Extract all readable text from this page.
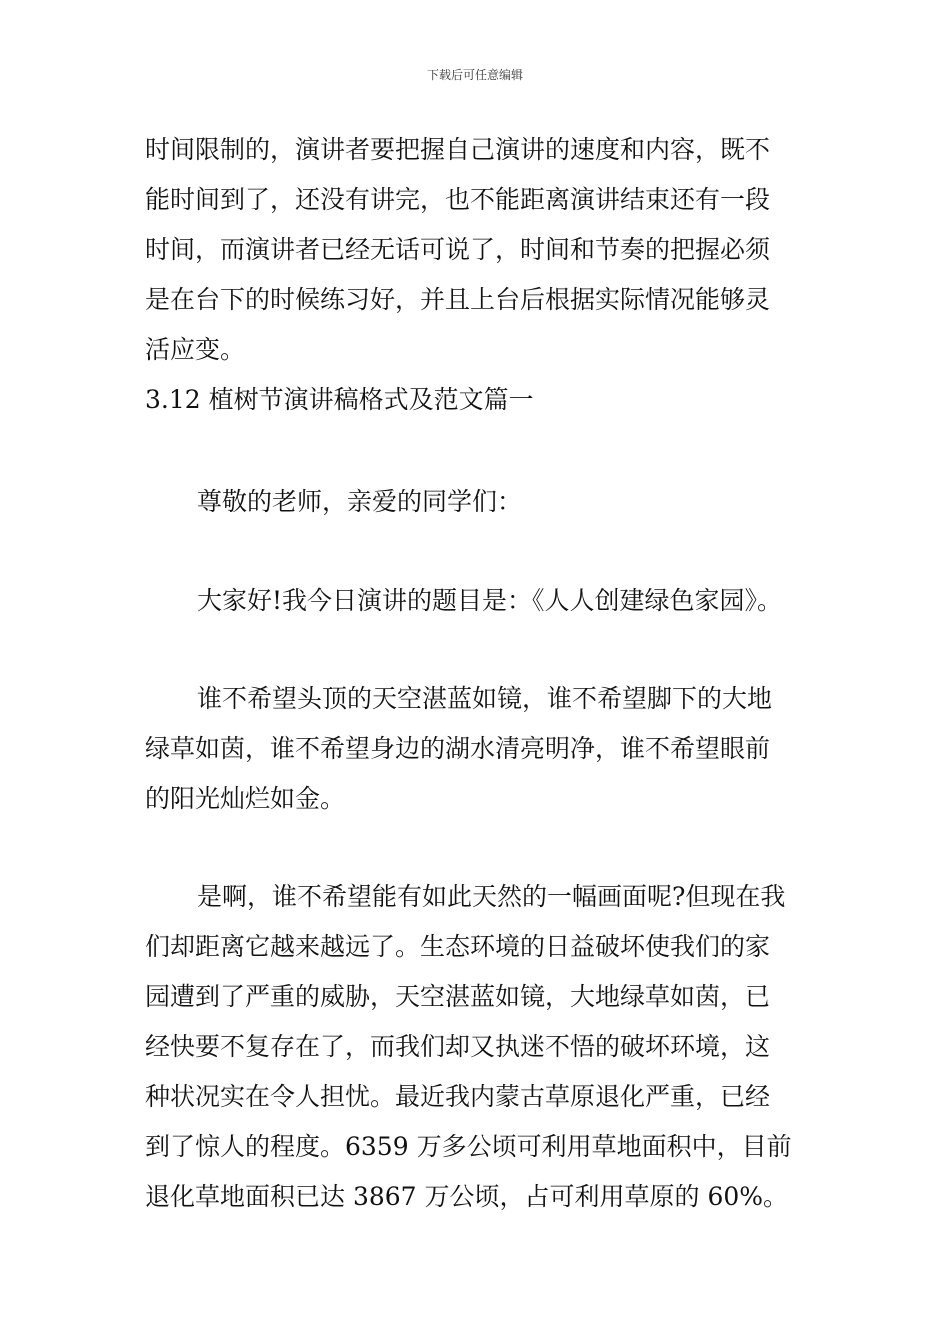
下载后可任意编辑
时间限制的，演讲者要把握自己演讲的速度和内容，既不
能时间到了，还没有讲完，也不能距离演讲结束还有一段
时间，而演讲者已经无话可说了，时间和节奏的把握必须
是在台下的时候练习好，并且上台后根据实际情况能够灵
活应变。
3.12 植树节演讲稿格式及范文篇一
尊敬的老师，亲爱的同学们：
大家好!我今日演讲的题目是：《人人创建绿色家园》。
谁不希望头顶的天空湛蓝如镜，谁不希望脚下的大地
绿草如茵，谁不希望身边的湖水清亮明净，谁不希望眼前
的阳光灿烂如金。
是啊，谁不希望能有如此天然的一幅画面呢?但现在我
们却距离它越来越远了。生态环境的日益破坏使我们的家
园遭到了严重的威胁，天空湛蓝如镜，大地绿草如茵，已
经快要不复存在了，而我们却又执迷不悟的破坏环境，这
种状况实在令人担忧。最近我内蒙古草原退化严重，已经
到了惊人的程度。6359 万多公顷可利用草地面积中，目前
退化草地面积已达 3867 万公顷，占可利用草原的 60%。
